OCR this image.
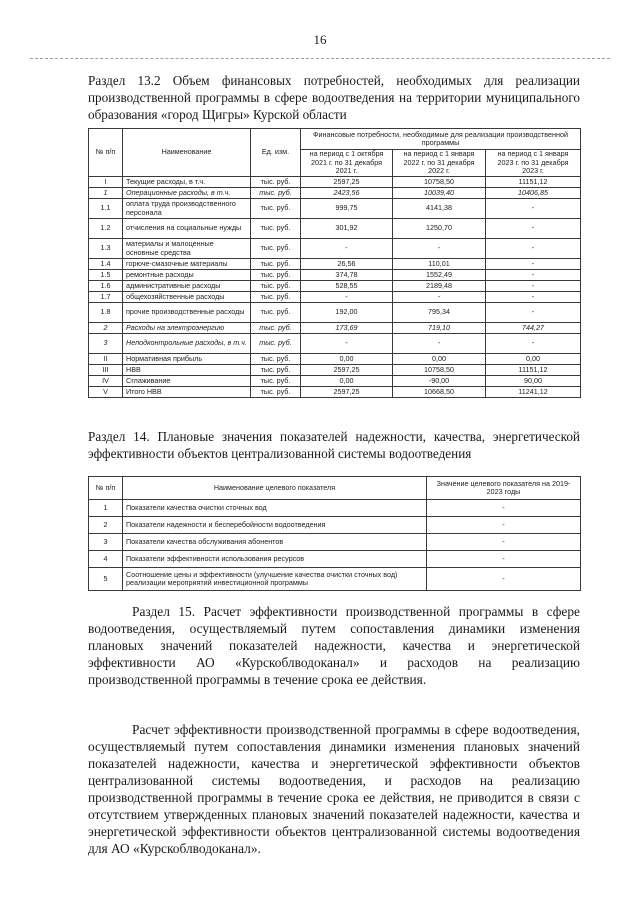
16
Раздел 13.2 Объем финансовых потребностей, необходимых для реализации производственной программы в сфере водоотведения на территории муниципального образования «город Щигры» Курской области
№ п/п	Наименование	Ед. изм.	Финансовые потребности, необходимые для реализации производственной программы		
			на период с 1 октября 2021 г. по 31 декабря 2021 г.	на период с 1 января 2022 г. по 31 декабря 2022 г.	на период с 1 января 2023 г. по 31 декабря 2023 г.
I	Текущие расходы, в т.ч.	тыс. руб.	2597,25	10758,50	11151,12
1	Операционные расходы, в т.ч.	тыс. руб.	2423,56	10039,40	10406,85
1.1	оплата труда производственного персонала	тыс. руб.	999,75	4141,38	-
1.2	отчисления на социальные нужды	тыс. руб.	301,92	1250,70	-
1.3	материалы и малоценные основные средства	тыс. руб.	-	-	-
1.4	горюче-смазочные материалы	тыс. руб.	26,56	110,01	-
1.5	ремонтные расходы	тыс. руб.	374,78	1552,49	-
1.6	административные расходы	тыс. руб.	528,55	2189,48	-
1.7	общехозяйственные расходы	тыс. руб.	-	-	-
1.8	прочие производственные расходы	тыс. руб.	192,00	795,34	-
2	Расходы на электроэнергию	тыс. руб.	173,69	719,10	744,27
3	Неподконтрольные расходы, в т.ч.	тыс. руб.	-	-	-
II	Нормативная прибыль	тыс. руб.	0,00	0,00	0,00
III	НВВ	тыс. руб.	2597,25	10758,50	11151,12
IV	Сглаживание	тыс. руб.	0,00	-90,00	90,00
V	Итого НВВ	тыс. руб.	2597,25	10668,50	11241,12
Раздел 14. Плановые значения показателей надежности, качества, энергетической эффективности объектов централизованной системы водоотведения
№ п/п	Наименование целевого показателя	Значение целевого показателя на 2019-2023 годы
1	Показатели качества очистки сточных вод	-
2	Показатели надежности и бесперебойности водоотведения	-
3	Показатели качества обслуживания абонентов	-
4	Показатели эффективности использования ресурсов	-
5	Соотношение цены и эффективности (улучшение качества очистки сточных вод) реализации мероприятий инвестиционной программы	-
Раздел 15. Расчет эффективности производственной программы в сфере водоотведения, осуществляемый путем сопоставления динамики изменения плановых значений показателей надежности, качества и энергетической эффективности АО «Курскоблводоканал» и расходов на реализацию производственной программы в течение срока ее действия.
Расчет эффективности производственной программы в сфере водоотведения, осуществляемый путем сопоставления динамики изменения плановых значений показателей надежности, качества и энергетической эффективности объектов централизованной системы водоотведения, и расходов на реализацию производственной программы в течение срока ее действия, не приводится в связи с отсутствием утвержденных плановых значений показателей надежности, качества и энергетической эффективности объектов централизованной системы водоотведения для АО «Курскоблводоканал».
